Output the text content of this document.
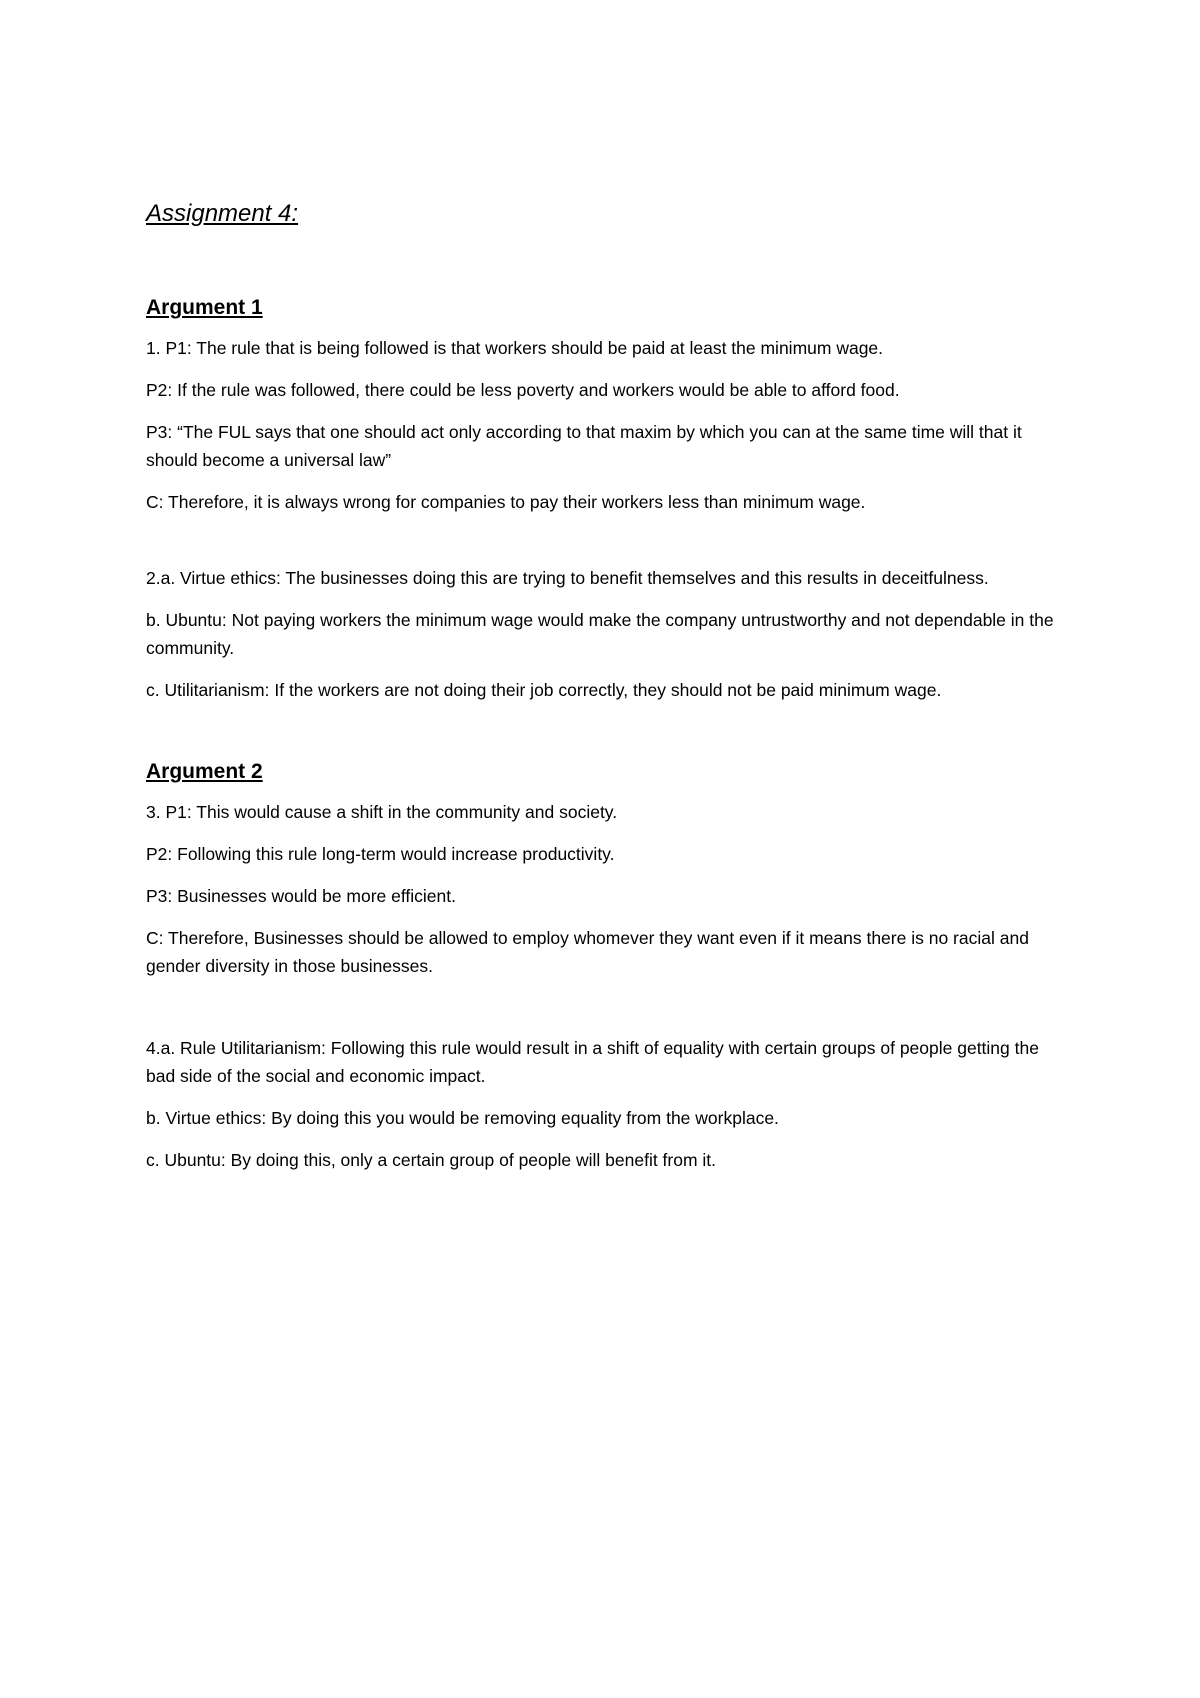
Assignment 4:
Argument 1

1. P1: The rule that is being followed is that workers should be paid at least the minimum wage.

P2: If the rule was followed, there could be less poverty and workers would be able to afford food.

P3: “The FUL says that one should act only according to that maxim by which you can at the same time will that it should become a universal law”

C: Therefore, it is always wrong for companies to pay their workers less than minimum wage.

2.a. Virtue ethics: The businesses doing this are trying to benefit themselves and this results in deceitfulness.

b. Ubuntu: Not paying workers the minimum wage would make the company untrustworthy and not dependable in the community.

c. Utilitarianism: If the workers are not doing their job correctly, they should not be paid minimum wage.

Argument 2

3. P1: This would cause a shift in the community and society.

P2: Following this rule long-term would increase productivity.

P3: Businesses would be more efficient.

C: Therefore, Businesses should be allowed to employ whomever they want even if it means there is no racial and gender diversity in those businesses.

4.a. Rule Utilitarianism: Following this rule would result in a shift of equality with certain groups of people getting the bad side of the social and economic impact.

b. Virtue ethics: By doing this you would be removing equality from the workplace.

c. Ubuntu: By doing this, only a certain group of people will benefit from it.
